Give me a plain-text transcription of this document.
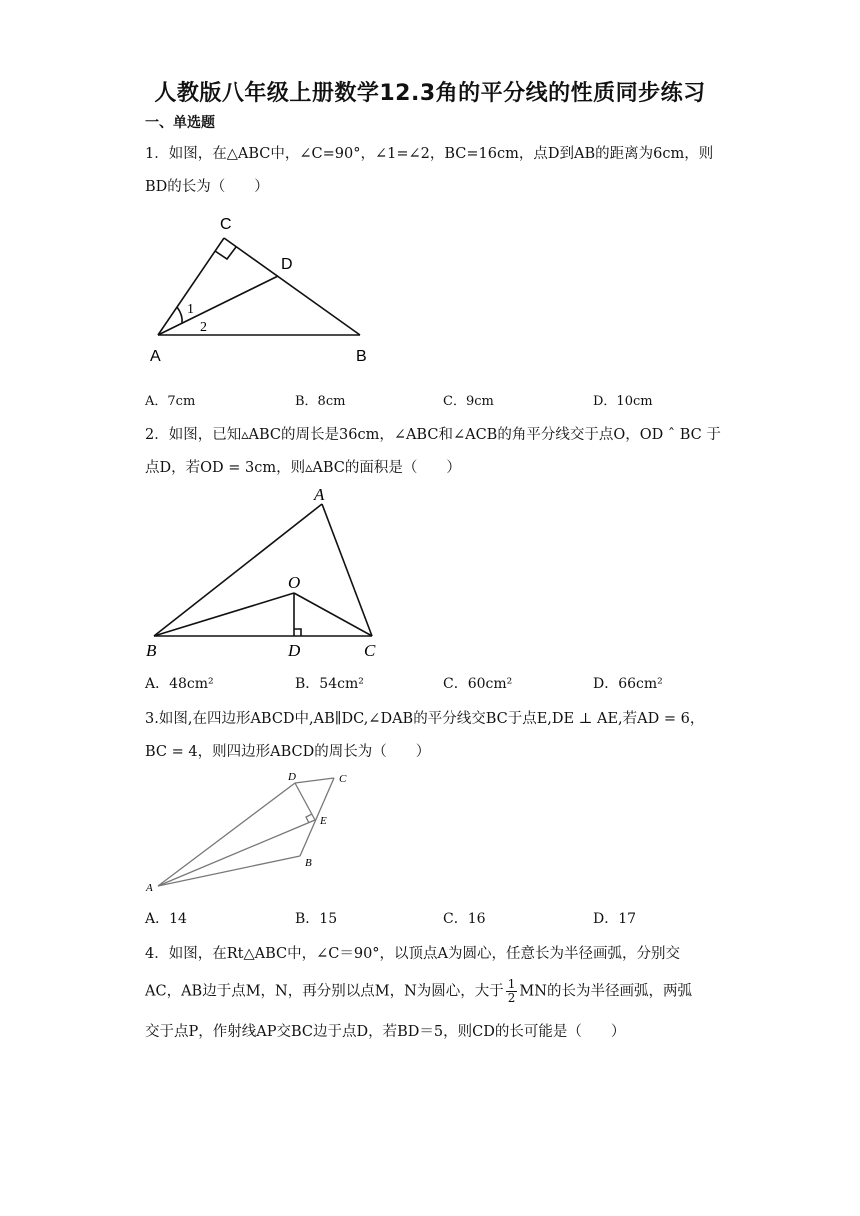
人教版八年级上册数学12.3角的平分线的性质同步练习
一、单选题
1．如图，在△ABC中，∠C=90°，∠1=∠2，BC=16cm，点D到AB的距离为6cm，则
BD的长为（　　）
C
D
A	B
1
2
A．7cm	B．8cm	C．9cm	D．10cm
2．如图，已知▵ABC的周长是36cm，∠ABC和∠ACB的角平分线交于点O，OD ˆ BC 于
点D，若OD = 3cm，则▵ABC的面积是（　　）
A
O
B	D	C
A．48cm²	B．54cm²	C．60cm²	D．66cm²
3.如图,在四边形ABCD中,AB∥DC,∠DAB的平分线交BC于点E,DE ⊥ AE,若AD = 6，
BC = 4，则四边形ABCD的周长为（　　）
D	C
E
B
A
A．14	B．15	C．16	D．17
4．如图，在Rt△ABC中，∠C＝90°，以顶点A为圆心，任意长为半径画弧，分别交
AC，AB边于点M，N，再分别以点M，N为圆心，大于 $\frac{1}{2}$ MN的长为半径画弧，两弧
交于点P，作射线AP交BC边于点D，若BD＝5，则CD的长可能是（　　）
